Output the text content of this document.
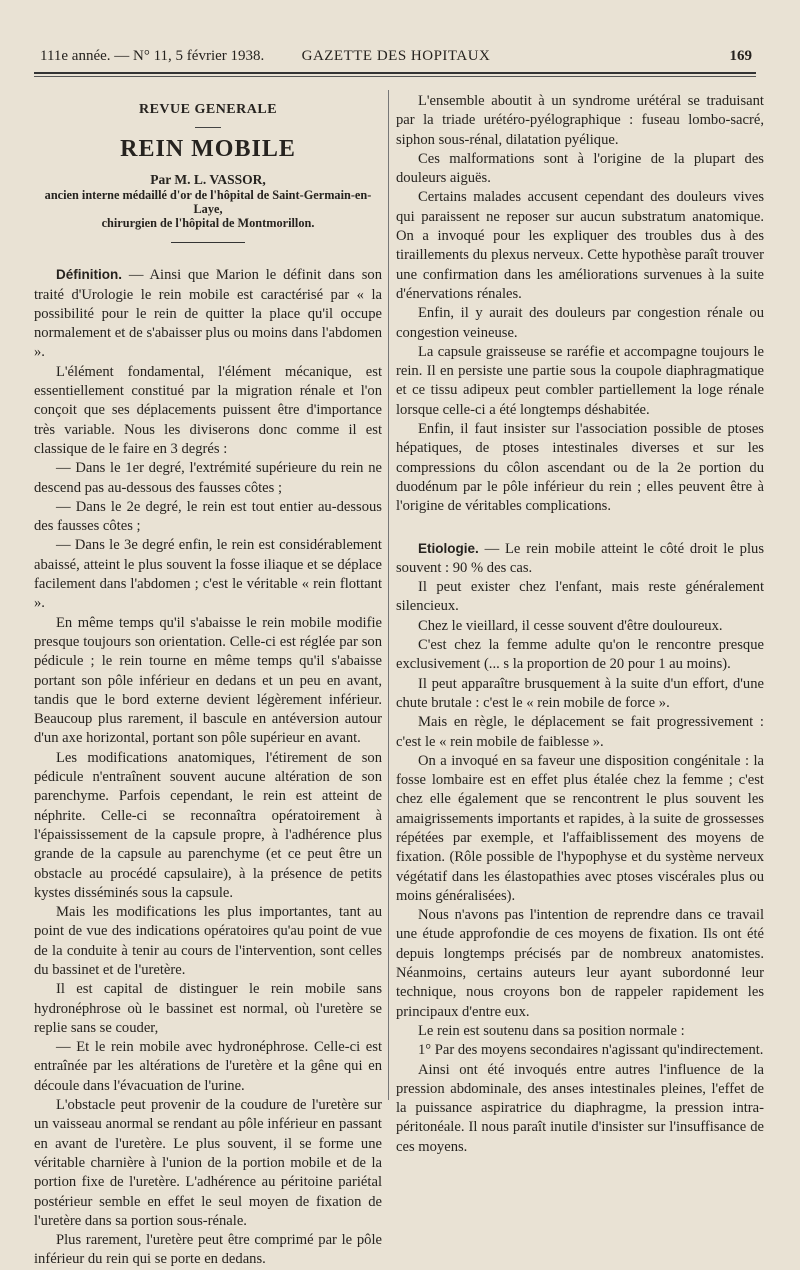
111e année. — N° 11, 5 février 1938.	GAZETTE DES HOPITAUX	169

REVUE GENERALE

REIN MOBILE

Par M. L. VASSOR,

ancien interne médaillé d'or de l'hôpital de Saint-Germain-en-Laye,

chirurgien de l'hôpital de Montmorillon.

Définition. — Ainsi que Marion le définit dans son traité d'Urologie le rein mobile est caractérisé par « la possibilité pour le rein de quitter la place qu'il occupe normalement et de s'abaisser plus ou moins dans l'abdomen ».

L'élément fondamental, l'élément mécanique, est essentiellement constitué par la migration rénale et l'on conçoit que ses déplacements puissent être d'importance très variable. Nous les diviserons donc comme il est classique de le faire en 3 degrés :

— Dans le 1er degré, l'extrémité supérieure du rein ne descend pas au-dessous des fausses côtes ;

— Dans le 2e degré, le rein est tout entier au-dessous des fausses côtes ;

— Dans le 3e degré enfin, le rein est considérablement abaissé, atteint le plus souvent la fosse iliaque et se déplace facilement dans l'abdomen ; c'est le véritable « rein flottant ».

En même temps qu'il s'abaisse le rein mobile modifie presque toujours son orientation. Celle-ci est réglée par son pédicule ; le rein tourne en même temps qu'il s'abaisse portant son pôle inférieur en dedans et un peu en avant, tandis que le bord externe devient légèrement inférieur. Beaucoup plus rarement, il bascule en antéversion autour d'un axe horizontal, portant son pôle supérieur en avant.

Les modifications anatomiques, l'étirement de son pédicule n'entraînent souvent aucune altération de son parenchyme. Parfois cependant, le rein est atteint de néphrite. Celle-ci se reconnaîtra opératoirement à l'épaississement de la capsule propre, à l'adhérence plus grande de la capsule au parenchyme (et ce peut être un obstacle au procédé capsulaire), à la présence de petits kystes disséminés sous la capsule.

Mais les modifications les plus importantes, tant au point de vue des indications opératoires qu'au point de vue de la conduite à tenir au cours de l'intervention, sont celles du bassinet et de l'uretère.

Il est capital de distinguer le rein mobile sans hydronéphrose où le bassinet est normal, où l'uretère se replie sans se couder,

— Et le rein mobile avec hydronéphrose. Celle-ci est entraînée par les altérations de l'uretère et la gêne qui en découle dans l'évacuation de l'urine.

L'obstacle peut provenir de la coudure de l'uretère sur un vaisseau anormal se rendant au pôle inférieur en passant en avant de l'uretère. Le plus souvent, il se forme une véritable charnière à l'union de la portion mobile et de la portion fixe de l'uretère. L'adhérence au péritoine pariétal postérieur semble en effet le seul moyen de fixation de l'uretère dans sa portion sous-rénale.

Plus rarement, l'uretère peut être comprimé par le pôle inférieur du rein qui se porte en dedans.

L'ensemble aboutit à un syndrome urétéral se traduisant par la triade urétéro-pyélographique : fuseau lombo-sacré, siphon sous-rénal, dilatation pyélique.

Ces malformations sont à l'origine de la plupart des douleurs aiguës.

Certains malades accusent cependant des douleurs vives qui paraissent ne reposer sur aucun substratum anatomique. On a invoqué pour les expliquer des troubles dus à des tiraillements du plexus nerveux. Cette hypothèse paraît trouver une confirmation dans les améliorations survenues à la suite d'énervations rénales.

Enfin, il y aurait des douleurs par congestion rénale ou congestion veineuse.

La capsule graisseuse se raréfie et accompagne toujours le rein. Il en persiste une partie sous la coupole diaphragmatique et ce tissu adipeux peut combler partiellement la loge rénale lorsque celle-ci a été longtemps déshabitée.

Enfin, il faut insister sur l'association possible de ptoses hépatiques, de ptoses intestinales diverses et sur les compressions du côlon ascendant ou de la 2e portion du duodénum par le pôle inférieur du rein ; elles peuvent être à l'origine de véritables complications.

Etiologie. — Le rein mobile atteint le côté droit le plus souvent : 90 % des cas.

Il peut exister chez l'enfant, mais reste généralement silencieux.

Chez le vieillard, il cesse souvent d'être douloureux.

C'est chez la femme adulte qu'on le rencontre presque exclusivement (... s la proportion de 20 pour 1 au moins).

Il peut apparaître brusquement à la suite d'un effort, d'une chute brutale : c'est le « rein mobile de force ».

Mais en règle, le déplacement se fait progressivement : c'est le « rein mobile de faiblesse ».

On a invoqué en sa faveur une disposition congénitale : la fosse lombaire est en effet plus étalée chez la femme ; c'est chez elle également que se rencontrent le plus souvent les amaigrissements importants et rapides, à la suite de grossesses répétées par exemple, et l'affaiblissement des moyens de fixation. (Rôle possible de l'hypophyse et du système nerveux végétatif dans les élastopathies avec ptoses viscérales plus ou moins généralisées).

Nous n'avons pas l'intention de reprendre dans ce travail une étude approfondie de ces moyens de fixation. Ils ont été depuis longtemps précisés par de nombreux anatomistes. Néanmoins, certains auteurs leur ayant subordonné leur technique, nous croyons bon de rappeler rapidement les principaux d'entre eux.

Le rein est soutenu dans sa position normale :

1° Par des moyens secondaires n'agissant qu'indirectement.

Ainsi ont été invoqués entre autres l'influence de la pression abdominale, des anses intestinales pleines, l'effet de la puissance aspiratrice du diaphragme, la pression intra-péritonéale. Il nous paraît inutile d'insister sur l'insuffisance de ces moyens.
